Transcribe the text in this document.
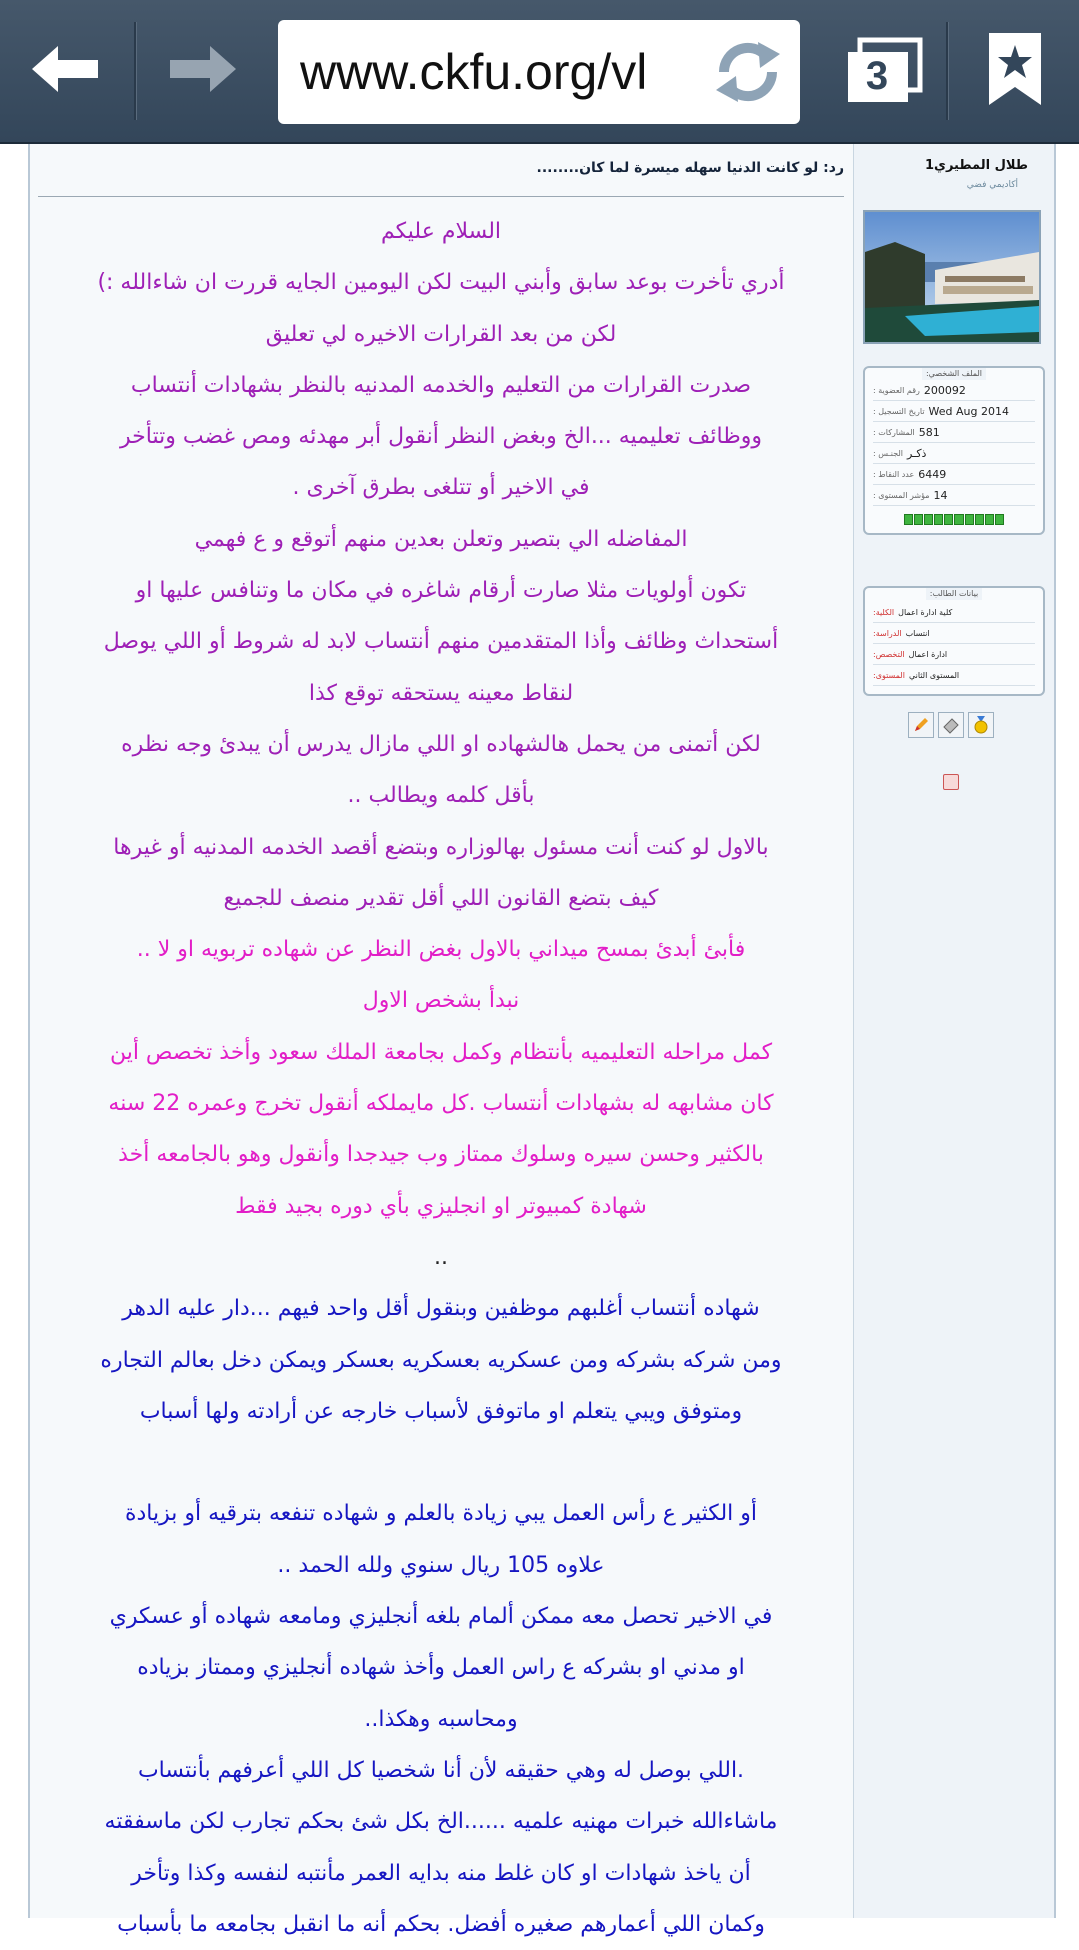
www.ckfu.org/vl	3
رد: لو كانت الدنيا سهله ميسرة لما كان........
السلام عليكم
أدري تأخرت بوعد سابق وأبني البيت لكن اليومين الجايه قررت ان شاءالله :)
لكن من بعد القرارات الاخيره لي تعليق
صدرت القرارات من التعليم والخدمه المدنيه بالنظر بشهادات أنتساب
ووظائف تعليميه ...الخ وبغض النظر أنقول أبر مهدئه ومص غضب وتتأخر
في الاخير أو تتلغى بطرق آخرى .
المفاضله الي بتصير وتعلن بعدين منهم أتوقع و ع فهمي
تكون أولويات مثلا صارت أرقام شاغره في مكان ما وتنافس عليها او
أستحداث وظائف وأذا المتقدمين منهم أنتساب لابد له شروط أو اللي يوصل
لنقاط معينه يستحقه توقع كذا
لكن أتمنى من يحمل هالشهاده او اللي مازال يدرس أن يبدئ وجه نظره
بأقل كلمه ويطالب ..
بالاول لو كنت أنت مسئول بهالوزاره وبتضع أقصد الخدمه المدنيه أو غيرها
كيف بتضع القانون اللي أقل تقدير منصف للجميع
فأبئ أبدئ بمسح ميداني بالاول بغض النظر عن شهاده تربويه او لا ..
نبدأ بشخص الاول
كمل مراحله التعليميه بأنتظام وكمل بجامعة الملك سعود وأخذ تخصص أين
كان مشابهه له بشهادات أنتساب .كل مايملكه أنقول تخرج وعمره 22 سنه
بالكثير وحسن سيره وسلوك ممتاز وب جيدجدا وأنقول وهو بالجامعه أخذ
شهادة كمبيوتر او انجليزي بأي دوره بجيد فقط
..
شهاده أنتساب أغلبهم موظفين وبنقول أقل واحد فيهم ...دار عليه الدهر
ومن شركه بشركه ومن عسكريه بعسكريه بعسكر ويمكن دخل بعالم التجاره
ومتوفق ويبي يتعلم او ماتوفق لأسباب خارجه عن أرادته ولها أسباب
أو الكثير ع رأس العمل يبي زيادة بالعلم و شهاده تنفعه بترقيه أو بزيادة
علاوه 105 ريال سنوي ولله الحمد ..
في الاخير تحصل معه ممكن ألمام بلغه أنجليزي ومامعه شهاده أو عسكري
او مدني او بشركه ع راس العمل وأخذ شهاده أنجليزي وممتاز بزياده
ومحاسبه وهكذا..
.اللي بوصل له وهي حقيقه لأن أنا شخصيا كل اللي أعرفهم بأنتساب
ماشاءالله خبرات مهنيه علميه ......الخ بكل شئ بحكم تجارب لكن ماسفقته
أن ياخذ شهادات او كان غلط منه بدايه العمر مأنتبه لنفسه وكذا وتأخر
وكمان اللي أعمارهم صغيره أفضل. بحكم أنه ما انقبل بجامعه ما بأسباب
طلال المطيري1
أكاديمي فضي
الملف الشخصي:
رقم العضوية : 200092
تاريخ التسجيل : Wed Aug 2014
المشاركات : 581
الجنـس : ذكـر
عدد النقاط : 6449
مؤشر المستوى : 14
بيانات الطالب:
الكلية: كلية ادارة اعمال
الدراسة: انتساب
التخصص: ادارة اعمال
المستوى: المستوى الثاني
